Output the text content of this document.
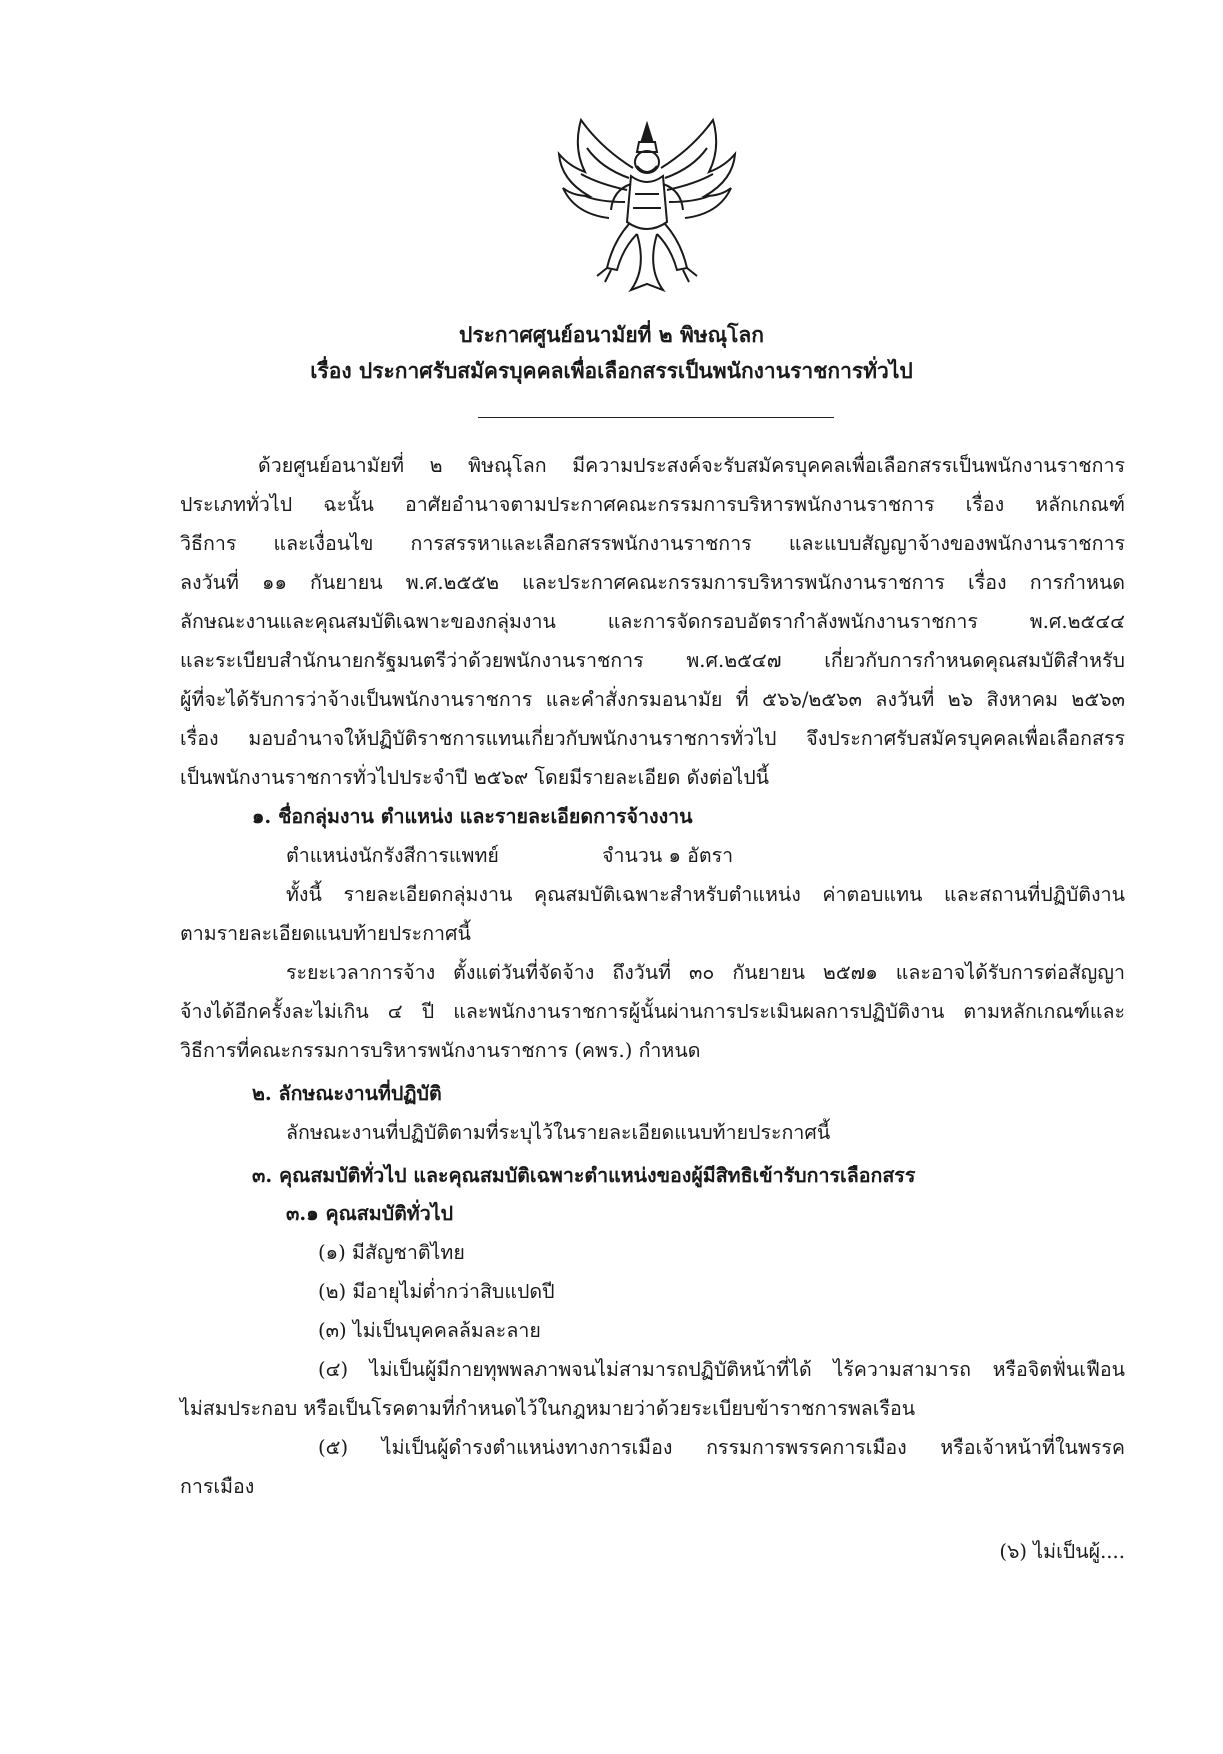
ประกาศศูนย์อนามัยที่ ๒ พิษณุโลก
เรื่อง ประกาศรับสมัครบุคคลเพื่อเลือกสรรเป็นพนักงานราชการทั่วไป
ด้วยศูนย์อนามัยที่ ๒ พิษณุโลก มีความประสงค์จะรับสมัครบุคคลเพื่อเลือกสรรเป็นพนักงานราชการ
ประเภททั่วไป ฉะนั้น อาศัยอำนาจตามประกาศคณะกรรมการบริหารพนักงานราชการ เรื่อง หลักเกณฑ์
วิธีการ และเงื่อนไข การสรรหาและเลือกสรรพนักงานราชการ และแบบสัญญาจ้างของพนักงานราชการ
ลงวันที่ ๑๑ กันยายน พ.ศ.๒๕๕๒ และประกาศคณะกรรมการบริหารพนักงานราชการ เรื่อง การกำหนด
ลักษณะงานและคุณสมบัติเฉพาะของกลุ่มงาน และการจัดกรอบอัตรากำลังพนักงานราชการ พ.ศ.๒๕๔๔
และระเบียบสำนักนายกรัฐมนตรีว่าด้วยพนักงานราชการ พ.ศ.๒๕๔๗ เกี่ยวกับการกำหนดคุณสมบัติสำหรับ
ผู้ที่จะได้รับการว่าจ้างเป็นพนักงานราชการ และคำสั่งกรมอนามัย ที่ ๕๖๖/๒๕๖๓ ลงวันที่ ๒๖ สิงหาคม ๒๕๖๓
เรื่อง มอบอำนาจให้ปฏิบัติราชการแทนเกี่ยวกับพนักงานราชการทั่วไป จึงประกาศรับสมัครบุคคลเพื่อเลือกสรร
เป็นพนักงานราชการทั่วไปประจำปี ๒๕๖๙ โดยมีรายละเอียด ดังต่อไปนี้
๑. ชื่อกลุ่มงาน ตำแหน่ง และรายละเอียดการจ้างงาน
ตำแหน่งนักรังสีการแพทย์	จำนวน ๑ อัตรา
ทั้งนี้ รายละเอียดกลุ่มงาน คุณสมบัติเฉพาะสำหรับตำแหน่ง ค่าตอบแทน และสถานที่ปฏิบัติงาน
ตามรายละเอียดแนบท้ายประกาศนี้
ระยะเวลาการจ้าง ตั้งแต่วันที่จัดจ้าง ถึงวันที่ ๓๐ กันยายน ๒๕๗๑ และอาจได้รับการต่อสัญญา
จ้างได้อีกครั้งละไม่เกิน ๔ ปี และพนักงานราชการผู้นั้นผ่านการประเมินผลการปฏิบัติงาน ตามหลักเกณฑ์และ
วิธีการที่คณะกรรมการบริหารพนักงานราชการ (คพร.) กำหนด
๒. ลักษณะงานที่ปฏิบัติ
ลักษณะงานที่ปฏิบัติตามที่ระบุไว้ในรายละเอียดแนบท้ายประกาศนี้
๓. คุณสมบัติทั่วไป และคุณสมบัติเฉพาะตำแหน่งของผู้มีสิทธิเข้ารับการเลือกสรร
๓.๑ คุณสมบัติทั่วไป
(๑) มีสัญชาติไทย
(๒) มีอายุไม่ต่ำกว่าสิบแปดปี
(๓) ไม่เป็นบุคคลล้มละลาย
(๔) ไม่เป็นผู้มีกายทุพพลภาพจนไม่สามารถปฏิบัติหน้าที่ได้ ไร้ความสามารถ หรือจิตฟั่นเฟือน
ไม่สมประกอบ หรือเป็นโรคตามที่กำหนดไว้ในกฎหมายว่าด้วยระเบียบข้าราชการพลเรือน
(๕) ไม่เป็นผู้ดำรงตำแหน่งทางการเมือง กรรมการพรรคการเมือง หรือเจ้าหน้าที่ในพรรค
การเมือง
(๖) ไม่เป็นผู้....
